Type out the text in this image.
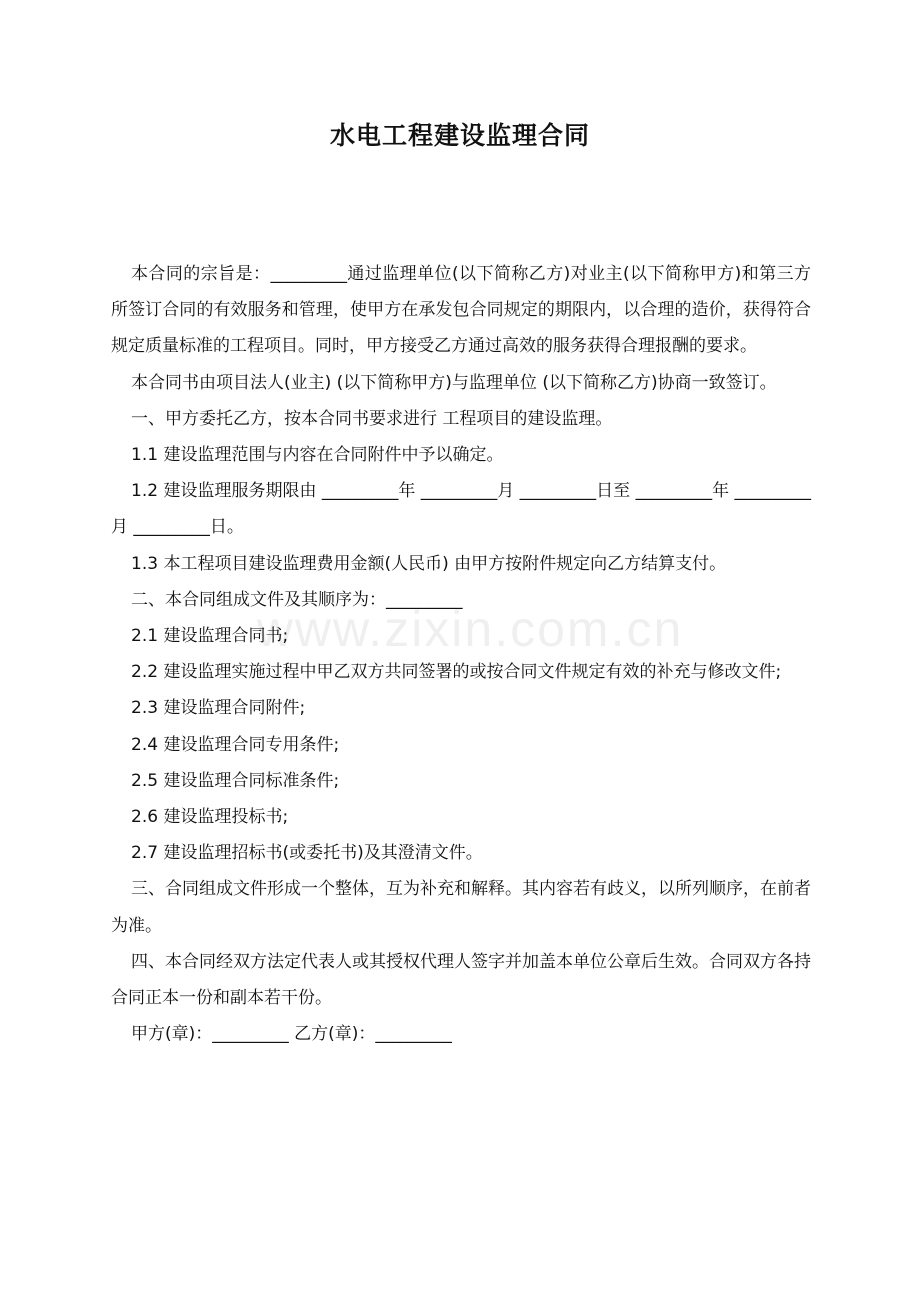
水电工程建设监理合同

本合同的宗旨是：_________通过监理单位(以下简称乙方)对业主(以下简称甲方)和第三方所签订合同的有效服务和管理，使甲方在承发包合同规定的期限内，以合理的造价，获得符合规定质量标准的工程项目。同时，甲方接受乙方通过高效的服务获得合理报酬的要求。

本合同书由项目法人(业主) (以下简称甲方)与监理单位 (以下简称乙方)协商一致签订。

一、甲方委托乙方，按本合同书要求进行 工程项目的建设监理。

1.1 建设监理范围与内容在合同附件中予以确定。

1.2 建设监理服务期限由 _________年 _________月 _________日至 _________年 _________月 _________日。

1.3 本工程项目建设监理费用金额(人民币) 由甲方按附件规定向乙方结算支付。

二、本合同组成文件及其顺序为：_________

2.1 建设监理合同书;

2.2 建设监理实施过程中甲乙双方共同签署的或按合同文件规定有效的补充与修改文件;

2.3 建设监理合同附件;

2.4 建设监理合同专用条件;

2.5 建设监理合同标准条件;

2.6 建设监理投标书;

2.7 建设监理招标书(或委托书)及其澄清文件。

三、合同组成文件形成一个整体，互为补充和解释。其内容若有歧义，以所列顺序，在前者为准。

四、本合同经双方法定代表人或其授权代理人签字并加盖本单位公章后生效。合同双方各持合同正本一份和副本若干份。

甲方(章)：_________ 乙方(章)：_________

www.zixin.com.cn
